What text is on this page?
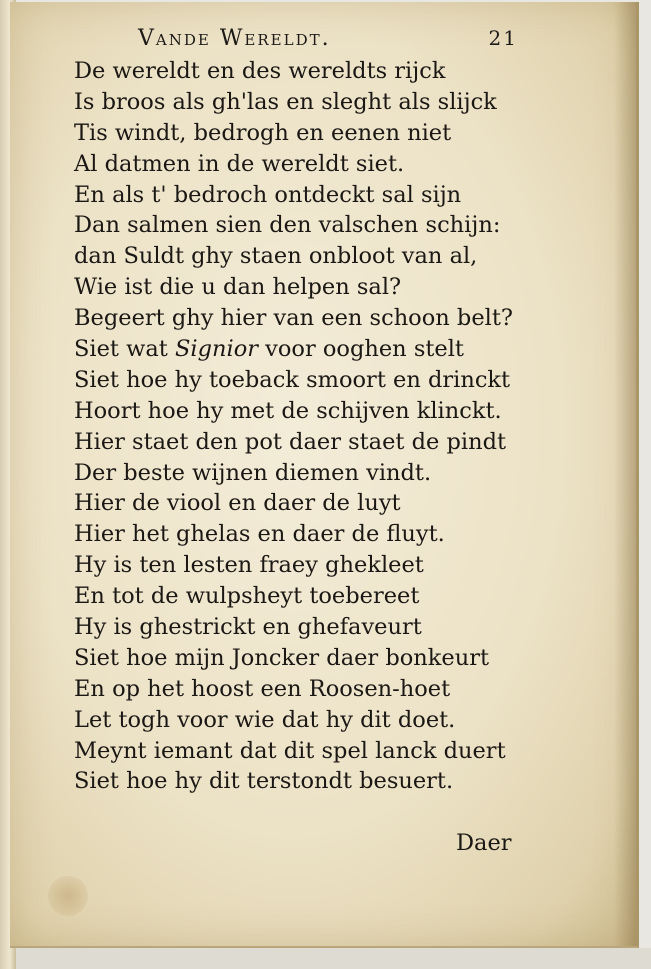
Vande Wereldt.	21
De wereldt en des wereldts rijck
Is broos als gh'las en sleght als slijck
Tis windt, bedrogh en eenen niet
Al datmen in de wereldt siet.
En als t' bedroch ontdeckt sal sijn
Dan salmen sien den valschen schijn:
dan Suldt ghy staen onbloot van al,
Wie ist die u dan helpen sal?
Begeert ghy hier van een schoon belt?
Siet wat Signior voor ooghen stelt
Siet hoe hy toeback smoort en drinckt
Hoort hoe hy met de schijven klinckt.
Hier staet den pot daer staet de pindt
Der beste wijnen diemen vindt.
Hier de viool en daer de luyt
Hier het ghelas en daer de fluyt.
Hy is ten lesten fraey ghekleet
En tot de wulpsheyt toebereet
Hy is ghestrickt en ghefaveurt
Siet hoe mijn Joncker daer bonkeurt
En op het hoost een Roosen-hoet
Let togh voor wie dat hy dit doet.
Meynt iemant dat dit spel lanck duert
Siet hoe hy dit terstondt besuert.
Daer
